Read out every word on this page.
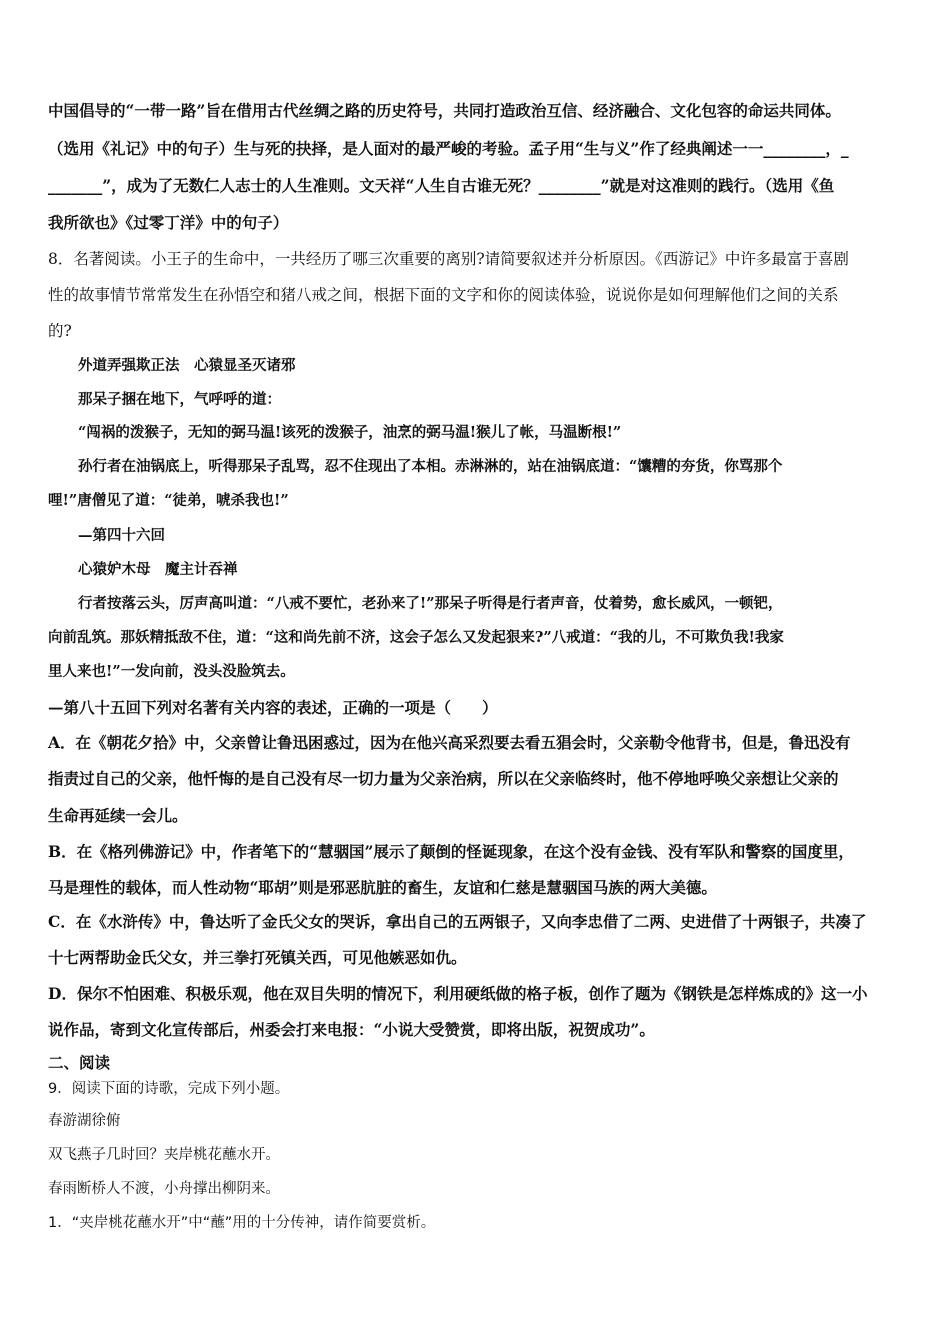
中国倡导的“一带一路”旨在借用古代丝绸之路的历史符号，共同打造政治互信、经济融合、文化包容的命运共同体。
（选用《礼记》中的句子）生与死的抉择，是人面对的最严峻的考验。孟子用“生与义”作了经典阐述一一________，_
_______”，成为了无数仁人志士的人生准则。文天祥“人生自古谁无死？________”就是对这准则的践行。（选用《鱼
我所欲也》《过零丁洋》中的句子）
8．名著阅读。小王子的生命中，一共经历了哪三次重要的离别?请简要叙述并分析原因。《西游记》中许多最富于喜剧
性的故事情节常常发生在孙悟空和猪八戒之间，根据下面的文字和你的阅读体验，说说你是如何理解他们之间的关系
的?
外道弄强欺正法　心猿显圣灭诸邪
那呆子捆在地下，气呼呼的道：
“闯祸的泼猴子，无知的弼马温!该死的泼猴子，油烹的弼马温!猴儿了帐，马温断根!”
孙行者在油锅底上，听得那呆子乱骂，忍不住现出了本相。赤淋淋的，站在油锅底道：“馕糟的夯货，你骂那个
哩!”唐僧见了道：“徒弟，唬杀我也!”
—第四十六回
心猿妒木母　魔主计吞禅
行者按落云头，厉声高叫道：“八戒不要忙，老孙来了!”那呆子听得是行者声音，仗着势，愈长威风，一顿钯，
向前乱筑。那妖精抵敌不住，道：“这和尚先前不济，这会子怎么又发起狠来?”八戒道：“我的儿，不可欺负我!我家
里人来也!”一发向前，没头没脸筑去。
—第八十五回下列对名著有关内容的表述，正确的一项是（　　）
A．在《朝花夕拾》中，父亲曾让鲁迅困惑过，因为在他兴高采烈要去看五猖会时，父亲勒令他背书，但是，鲁迅没有
指责过自己的父亲，他忏悔的是自己没有尽一切力量为父亲治病，所以在父亲临终时，他不停地呼唤父亲想让父亲的
生命再延续一会儿。
B．在《格列佛游记》中，作者笔下的“慧骃国”展示了颠倒的怪诞现象，在这个没有金钱、没有军队和警察的国度里，
马是理性的载体，而人性动物“耶胡”则是邪恶肮脏的畜生，友谊和仁慈是慧骃国马族的两大美德。
C．在《水浒传》中，鲁达听了金氏父女的哭诉，拿出自己的五两银子，又向李忠借了二两、史进借了十两银子，共凑了
十七两帮助金氏父女，并三拳打死镇关西，可见他嫉恶如仇。
D．保尔不怕困难、积极乐观，他在双目失明的情况下，利用硬纸做的格子板，创作了题为《钢铁是怎样炼成的》这一小
说作品，寄到文化宣传部后，州委会打来电报：“小说大受赞赏，即将出版，祝贺成功”。
二、阅读
9．阅读下面的诗歌，完成下列小题。
春游湖徐俯
双飞燕子几时回？夹岸桃花蘸水开。
春雨断桥人不渡，小舟撑出柳阴来。
1．“夹岸桃花蘸水开”中“蘸”用的十分传神，请作简要赏析。
